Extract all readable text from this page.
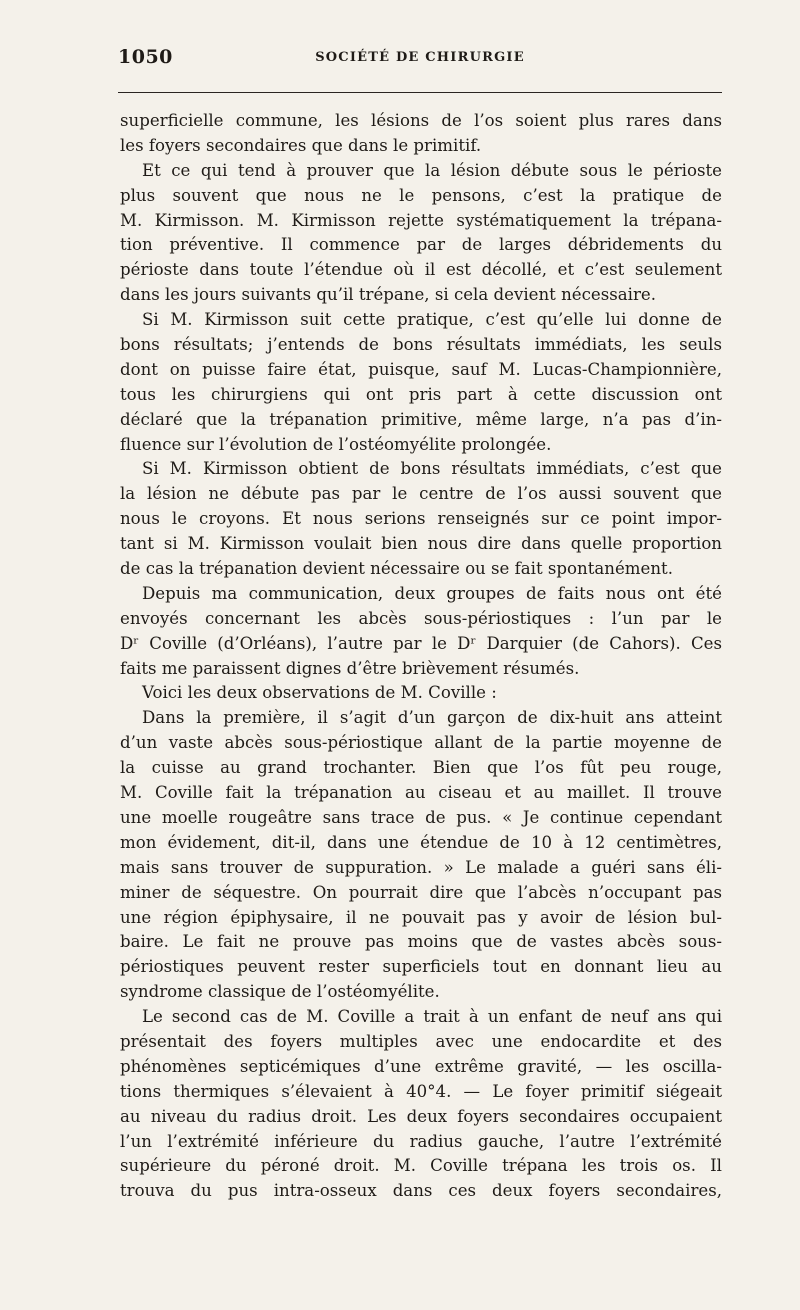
1050	SOCIÉTÉ DE CHIRURGIE
superficielle commune, les lésions de l’os soient plus rares dans
les foyers secondaires que dans le primitif.
Et ce qui tend à prouver que la lésion débute sous le périoste
plus souvent que nous ne le pensons, c’est la pratique de
M. Kirmisson. M. Kirmisson rejette systématiquement la trépana-
tion préventive. Il commence par de larges débridements du
périoste dans toute l’étendue où il est décollé, et c’est seulement
dans les jours suivants qu’il trépane, si cela devient nécessaire.
Si M. Kirmisson suit cette pratique, c’est qu’elle lui donne de
bons résultats; j’entends de bons résultats immédiats, les seuls
dont on puisse faire état, puisque, sauf M. Lucas-Championnière,
tous les chirurgiens qui ont pris part à cette discussion ont
déclaré que la trépanation primitive, même large, n’a pas d’in-
fluence sur l’évolution de l’ostéomyélite prolongée.
Si M. Kirmisson obtient de bons résultats immédiats, c’est que
la lésion ne débute pas par le centre de l’os aussi souvent que
nous le croyons. Et nous serions renseignés sur ce point impor-
tant si M. Kirmisson voulait bien nous dire dans quelle proportion
de cas la trépanation devient nécessaire ou se fait spontanément.
Depuis ma communication, deux groupes de faits nous ont été
envoyés concernant les abcès sous-périostiques : l’un par le
Dʳ Coville (d’Orléans), l’autre par le Dʳ Darquier (de Cahors). Ces
faits me paraissent dignes d’être brièvement résumés.
Voici les deux observations de M. Coville :
Dans la première, il s’agit d’un garçon de dix-huit ans atteint
d’un vaste abcès sous-périostique allant de la partie moyenne de
la cuisse au grand trochanter. Bien que l’os fût peu rouge,
M. Coville fait la trépanation au ciseau et au maillet. Il trouve
une moelle rougeâtre sans trace de pus. « Je continue cependant
mon évidement, dit-il, dans une étendue de 10 à 12 centimètres,
mais sans trouver de suppuration. » Le malade a guéri sans éli-
miner de séquestre. On pourrait dire que l’abcès n’occupant pas
une région épiphysaire, il ne pouvait pas y avoir de lésion bul-
baire. Le fait ne prouve pas moins que de vastes abcès sous-
périostiques peuvent rester superficiels tout en donnant lieu au
syndrome classique de l’ostéomyélite.
Le second cas de M. Coville a trait à un enfant de neuf ans qui
présentait des foyers multiples avec une endocardite et des
phénomènes septicémiques d’une extrême gravité, — les oscilla-
tions thermiques s’élevaient à 40°4. — Le foyer primitif siégeait
au niveau du radius droit. Les deux foyers secondaires occupaient
l’un l’extrémité inférieure du radius gauche, l’autre l’extrémité
supérieure du péroné droit. M. Coville trépana les trois os. Il
trouva du pus intra-osseux dans ces deux foyers secondaires,
